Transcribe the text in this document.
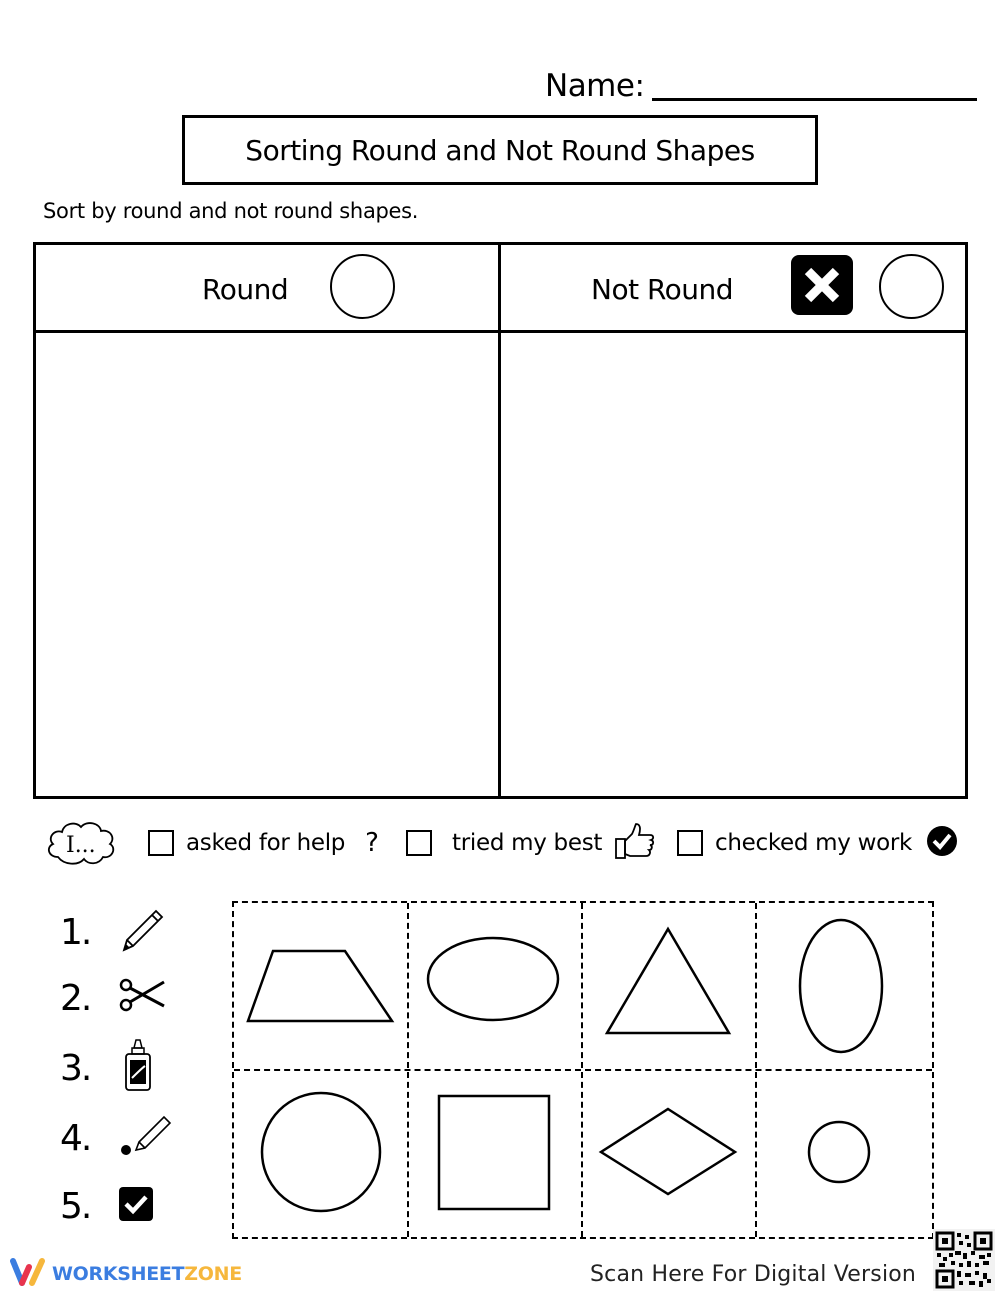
Name:
Sorting Round and Not Round Shapes
Sort by round and not round shapes.
Round	Not Round
I...	asked for help ?	tried my best	checked my work
1.
2.
3.
4.
5.
WORKSHEET ZONE	Scan Here For Digital Version
